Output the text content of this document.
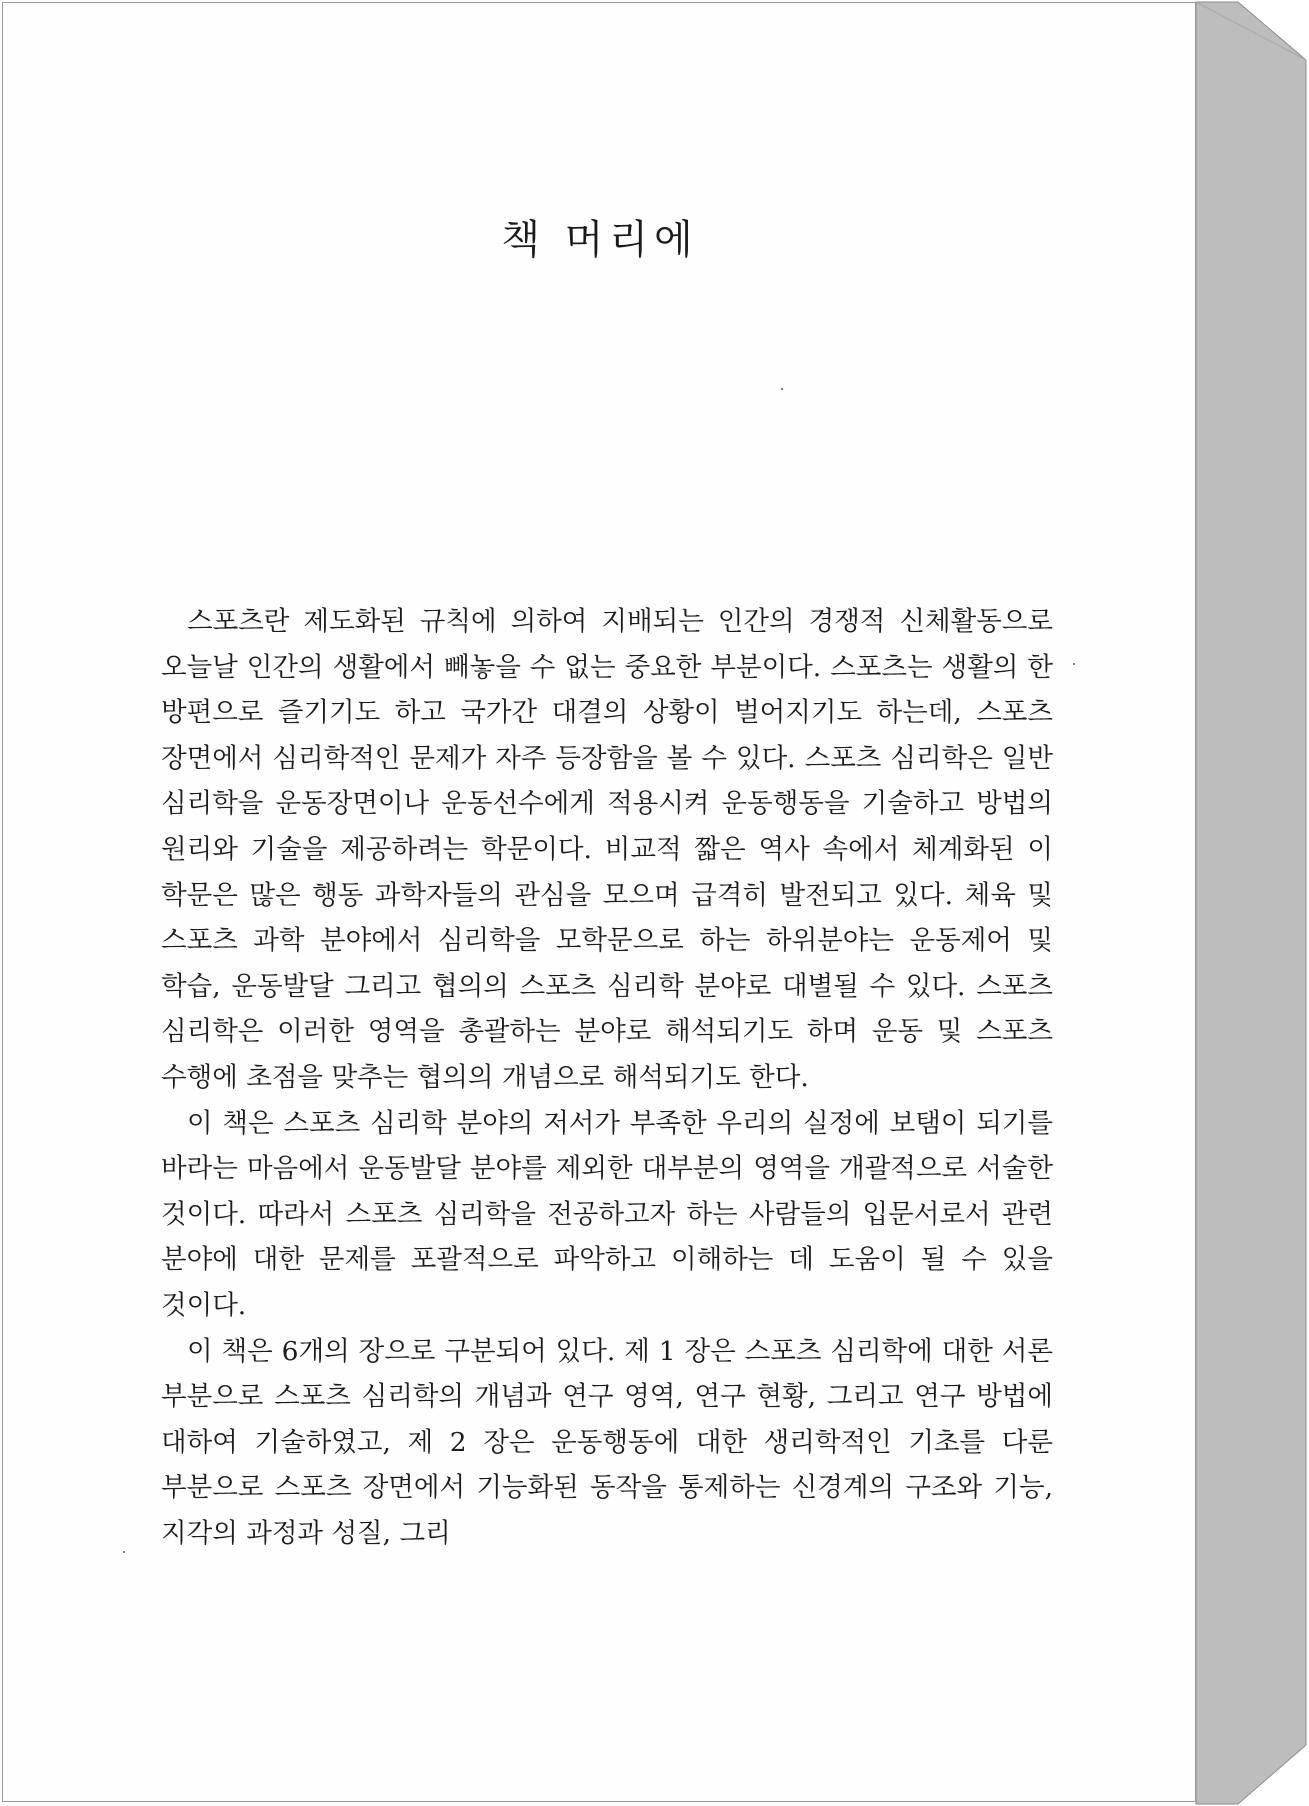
책 머리에

스포츠란 제도화된 규칙에 의하여 지배되는 인간의 경쟁적 신체활동으로 오늘날 인간의 생활에서 빼놓을 수 없는 중요한 부분이다. 스포츠는 생활의 한 방편으로 즐기기도 하고 국가간 대결의 상황이 벌어지기도 하는데, 스포츠 장면에서 심리학적인 문제가 자주 등장함을 볼 수 있다. 스포츠 심리학은 일반 심리학을 운동장면이나 운동선수에게 적용시켜 운동행동을 기술하고 방법의 원리와 기술을 제공하려는 학문이다. 비교적 짧은 역사 속에서 체계화된 이 학문은 많은 행동 과학자들의 관심을 모으며 급격히 발전되고 있다. 체육 및 스포츠 과학 분야에서 심리학을 모학문으로 하는 하위분야는 운동제어 및 학습, 운동발달 그리고 협의의 스포츠 심리학 분야로 대별될 수 있다. 스포츠 심리학은 이러한 영역을 총괄하는 분야로 해석되기도 하며 운동 및 스포츠 수행에 초점을 맞추는 협의의 개념으로 해석되기도 한다.

이 책은 스포츠 심리학 분야의 저서가 부족한 우리의 실정에 보탬이 되기를 바라는 마음에서 운동발달 분야를 제외한 대부분의 영역을 개괄적으로 서술한 것이다. 따라서 스포츠 심리학을 전공하고자 하는 사람들의 입문서로서 관련 분야에 대한 문제를 포괄적으로 파악하고 이해하는 데 도움이 될 수 있을 것이다.

이 책은 6개의 장으로 구분되어 있다. 제 1 장은 스포츠 심리학에 대한 서론 부분으로 스포츠 심리학의 개념과 연구 영역, 연구 현황, 그리고 연구 방법에 대하여 기술하였고, 제 2 장은 운동행동에 대한 생리학적인 기초를 다룬 부분으로 스포츠 장면에서 기능화된 동작을 통제하는 신경계의 구조와 기능, 지각의 과정과 성질, 그리
